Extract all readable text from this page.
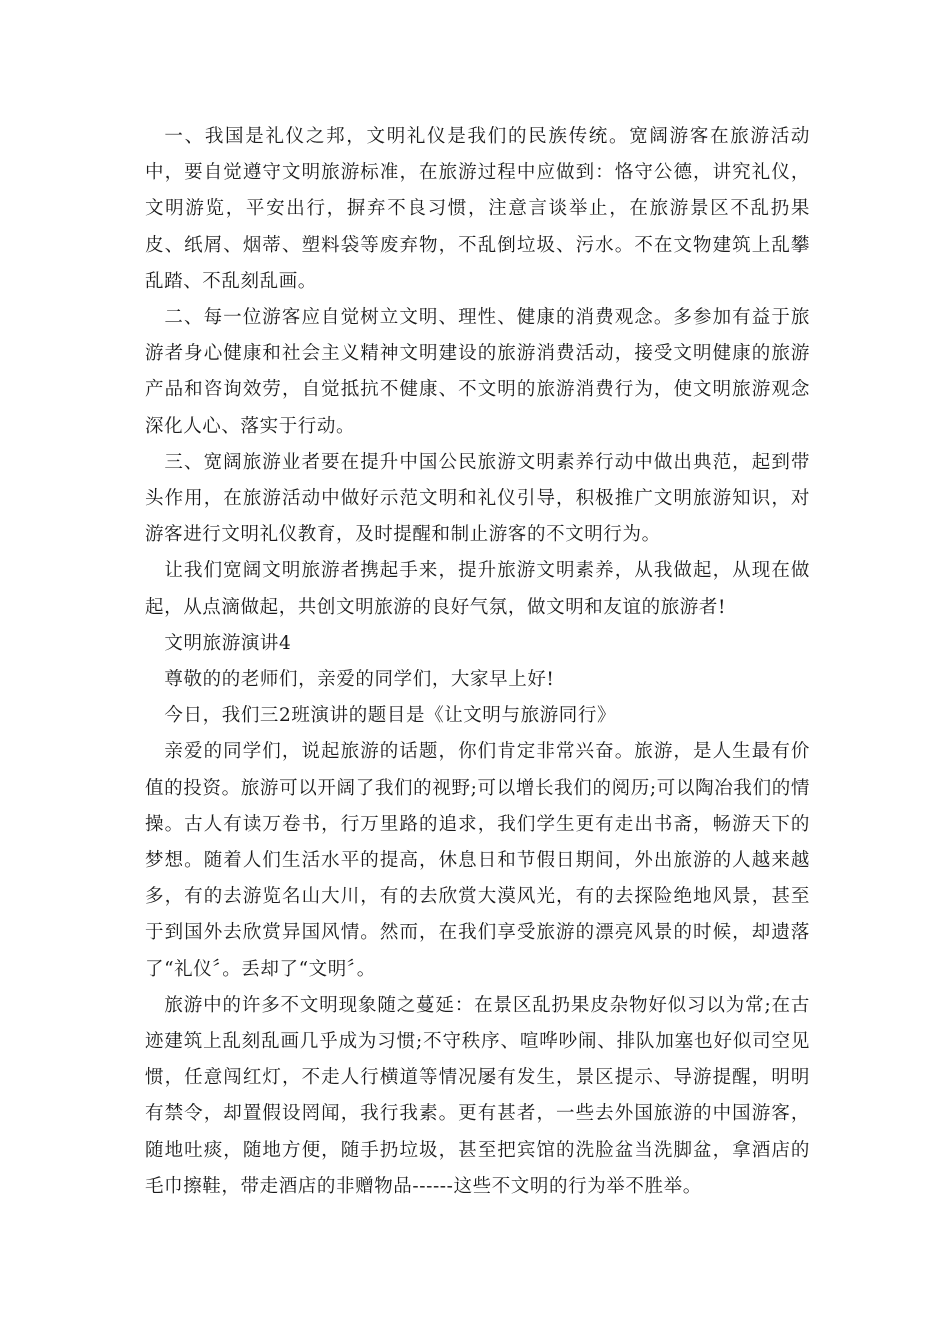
一、我国是礼仪之邦，文明礼仪是我们的民族传统。宽阔游客在旅游活动中，要自觉遵守文明旅游标准，在旅游过程中应做到：恪守公德，讲究礼仪，文明游览，平安出行，摒弃不良习惯，注意言谈举止，在旅游景区不乱扔果皮、纸屑、烟蒂、塑料袋等废弃物，不乱倒垃圾、污水。不在文物建筑上乱攀乱踏、不乱刻乱画。

二、每一位游客应自觉树立文明、理性、健康的消费观念。多参加有益于旅游者身心健康和社会主义精神文明建设的旅游消费活动，接受文明健康的旅游产品和咨询效劳，自觉抵抗不健康、不文明的旅游消费行为，使文明旅游观念深化人心、落实于行动。

三、宽阔旅游业者要在提升中国公民旅游文明素养行动中做出典范，起到带头作用，在旅游活动中做好示范文明和礼仪引导，积极推广文明旅游知识，对游客进行文明礼仪教育，及时提醒和制止游客的不文明行为。

让我们宽阔文明旅游者携起手来，提升旅游文明素养，从我做起，从现在做起，从点滴做起，共创文明旅游的良好气氛，做文明和友谊的旅游者!

文明旅游演讲4

尊敬的的老师们，亲爱的同学们，大家早上好!

今日，我们三2班演讲的题目是《让文明与旅游同行》

亲爱的同学们，说起旅游的话题，你们肯定非常兴奋。旅游，是人生最有价值的投资。旅游可以开阔了我们的视野;可以增长我们的阅历;可以陶冶我们的情操。古人有读万卷书，行万里路的追求，我们学生更有走出书斋，畅游天下的梦想。随着人们生活水平的提高，休息日和节假日期间，外出旅游的人越来越多，有的去游览名山大川，有的去欣赏大漠风光，有的去探险绝地风景，甚至于到国外去欣赏异国风情。然而，在我们享受旅游的漂亮风景的时候，却遗落了“礼仪〞。丢却了“文明〞。

旅游中的许多不文明现象随之蔓延：在景区乱扔果皮杂物好似习以为常;在古迹建筑上乱刻乱画几乎成为习惯;不守秩序、喧哗吵闹、排队加塞也好似司空见惯，任意闯红灯，不走人行横道等情况屡有发生，景区提示、导游提醒，明明有禁令，却置假设罔闻，我行我素。更有甚者，一些去外国旅游的中国游客，随地吐痰，随地方便，随手扔垃圾，甚至把宾馆的洗脸盆当洗脚盆，拿酒店的毛巾擦鞋，带走酒店的非赠物品------这些不文明的行为举不胜举。
